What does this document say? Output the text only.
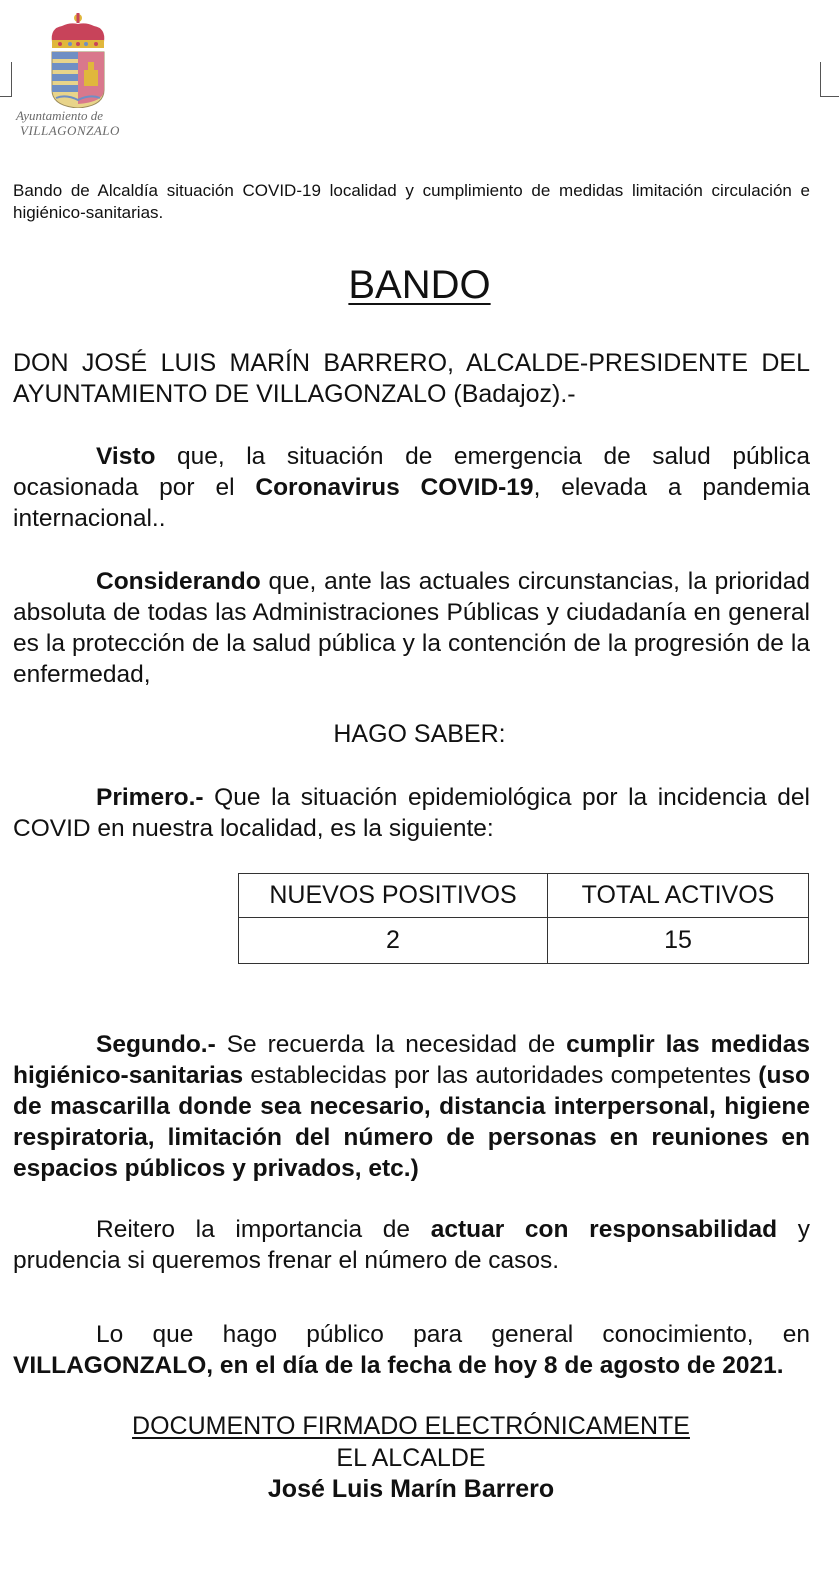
Ayuntamiento de
VILLAGONZALO
Bando de Alcaldía situación COVID-19 localidad y cumplimiento de medidas limitación circulación e higiénico-sanitarias.
BANDO
DON JOSÉ LUIS MARÍN BARRERO, ALCALDE-PRESIDENTE DEL AYUNTAMIENTO DE VILLAGONZALO (Badajoz).-
Visto que, la situación de emergencia de salud pública ocasionada por el Coronavirus COVID-19, elevada a pandemia internacional..
Considerando que, ante las actuales circunstancias, la prioridad absoluta de todas las Administraciones Públicas y ciudadanía en general es la protección de la salud pública y la contención de la progresión de la enfermedad,
HAGO SABER:
Primero.- Que la situación epidemiológica por la incidencia del COVID en nuestra localidad, es la siguiente:
NUEVOS POSITIVOS	TOTAL ACTIVOS
2	15
Segundo.- Se recuerda la necesidad de cumplir las medidas higiénico-sanitarias establecidas por las autoridades competentes (uso de mascarilla donde sea necesario, distancia interpersonal, higiene respiratoria, limitación del número de personas en reuniones en espacios públicos y privados, etc.)
Reitero la importancia de actuar con responsabilidad y prudencia si queremos frenar el número de casos.
Lo que hago público para general conocimiento, en VILLAGONZALO, en el día de la fecha de hoy 8 de agosto de 2021.
DOCUMENTO FIRMADO ELECTRÓNICAMENTE
EL ALCALDE
José Luis Marín Barrero
